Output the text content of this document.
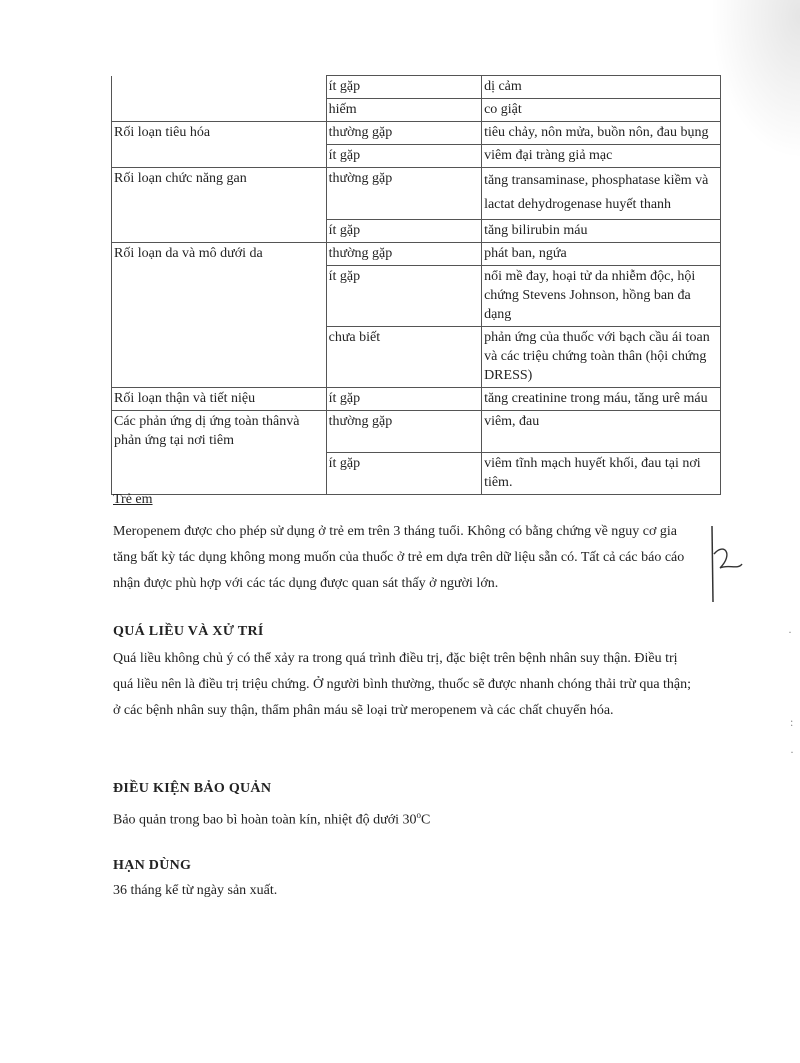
	ít gặp	dị cảm
	hiếm	co giật
Rối loạn tiêu hóa	thường gặp	tiêu chảy, nôn mửa, buồn nôn, đau bụng
	ít gặp	viêm đại tràng giả mạc
Rối loạn chức năng gan	thường gặp	tăng transaminase, phosphatase kiềm và lactat dehydrogenase huyết thanh
	ít gặp	tăng bilirubin máu
Rối loạn da và mô dưới da	thường gặp	phát ban, ngứa
	ít gặp	nổi mề đay, hoại tử da nhiễm độc, hội chứng Stevens Johnson, hồng ban đa dạng
	chưa biết	phản ứng của thuốc với bạch cầu ái toan và các triệu chứng toàn thân (hội chứng DRESS)
Rối loạn thận và tiết niệu	ít gặp	tăng creatinine trong máu, tăng urê máu
Các phản ứng dị ứng toàn thânvà phản ứng tại nơi tiêm	thường gặp	viêm, đau
	ít gặp	viêm tĩnh mạch huyết khối, đau tại nơi tiêm.
Trẻ em
Meropenem được cho phép sử dụng ở trẻ em trên 3 tháng tuổi. Không có bằng chứng về nguy cơ gia tăng bất kỳ tác dụng không mong muốn của thuốc ở trẻ em dựa trên dữ liệu sẵn có. Tất cả các báo cáo nhận được phù hợp với các tác dụng được quan sát thấy ở người lớn.
QUÁ LIỀU VÀ XỬ TRÍ
Quá liều không chủ ý có thể xảy ra trong quá trình điều trị, đặc biệt trên bệnh nhân suy thận. Điều trị quá liều nên là điều trị triệu chứng. Ở người bình thường, thuốc sẽ được nhanh chóng thải trừ qua thận; ở các bệnh nhân suy thận, thẩm phân máu sẽ loại trừ meropenem và các chất chuyển hóa.
ĐIỀU KIỆN BẢO QUẢN
Bảo quản trong bao bì hoàn toàn kín, nhiệt độ dưới 30$^o$C
HẠN DÙNG
36 tháng kể từ ngày sản xuất.
·
:
·
